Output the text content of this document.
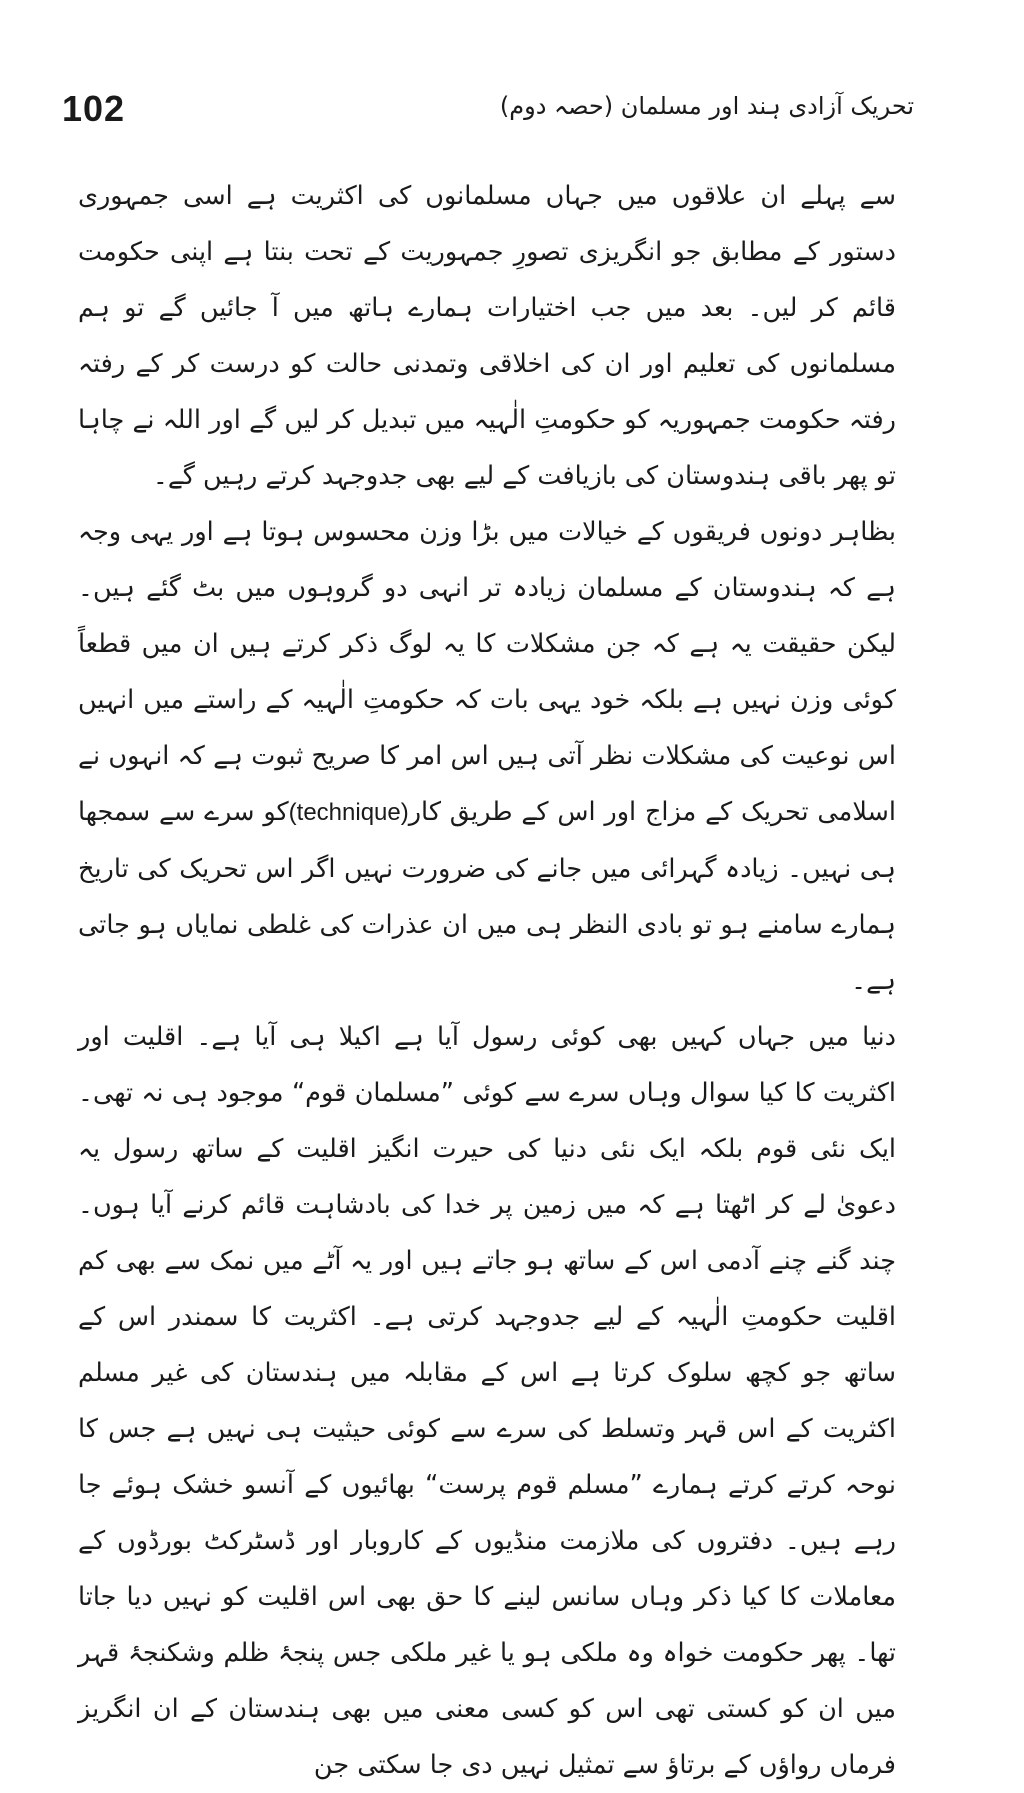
102	تحریک آزادی ہند اور مسلمان (حصہ دوم)

سے پہلے ان علاقوں میں جہاں مسلمانوں کی اکثریت ہے اسی جمہوری دستور کے مطابق جو انگریزی تصورِ جمہوریت کے تحت بنتا ہے اپنی حکومت قائم کر لیں۔ بعد میں جب اختیارات ہمارے ہاتھ میں آ جائیں گے تو ہم مسلمانوں کی تعلیم اور ان کی اخلاقی وتمدنی حالت کو درست کر کے رفتہ رفتہ حکومت جمہوریہ کو حکومتِ الٰہیہ میں تبدیل کر لیں گے اور اللہ نے چاہا تو پھر باقی ہندوستان کی بازیافت کے لیے بھی جدوجہد کرتے رہیں گے۔

بظاہر دونوں فریقوں کے خیالات میں بڑا وزن محسوس ہوتا ہے اور یہی وجہ ہے کہ ہندوستان کے مسلمان زیادہ تر انہی دو گروہوں میں بٹ گئے ہیں۔ لیکن حقیقت یہ ہے کہ جن مشکلات کا یہ لوگ ذکر کرتے ہیں ان میں قطعاً کوئی وزن نہیں ہے بلکہ خود یہی بات کہ حکومتِ الٰہیہ کے راستے میں انہیں اس نوعیت کی مشکلات نظر آتی ہیں اس امر کا صریح ثبوت ہے کہ انہوں نے اسلامی تحریک کے مزاج اور اس کے طریق کار(technique)کو سرے سے سمجھا ہی نہیں۔ زیادہ گہرائی میں جانے کی ضرورت نہیں اگر اس تحریک کی تاریخ ہمارے سامنے ہو تو بادی النظر ہی میں ان عذرات کی غلطی نمایاں ہو جاتی ہے۔

دنیا میں جہاں کہیں بھی کوئی رسول آیا ہے اکیلا ہی آیا ہے۔ اقلیت اور اکثریت کا کیا سوال وہاں سرے سے کوئی ”مسلمان قوم“ موجود ہی نہ تھی۔ ایک نئی قوم بلکہ ایک نئی دنیا کی حیرت انگیز اقلیت کے ساتھ رسول یہ دعویٰ لے کر اٹھتا ہے کہ میں زمین پر خدا کی بادشاہت قائم کرنے آیا ہوں۔ چند گنے چنے آدمی اس کے ساتھ ہو جاتے ہیں اور یہ آٹے میں نمک سے بھی کم اقلیت حکومتِ الٰہیہ کے لیے جدوجہد کرتی ہے۔ اکثریت کا سمندر اس کے ساتھ جو کچھ سلوک کرتا ہے اس کے مقابلہ میں ہندستان کی غیر مسلم اکثریت کے اس قہر وتسلط کی سرے سے کوئی حیثیت ہی نہیں ہے جس کا نوحہ کرتے کرتے ہمارے ”مسلم قوم پرست“ بھائیوں کے آنسو خشک ہوئے جا رہے ہیں۔ دفتروں کی ملازمت منڈیوں کے کاروبار اور ڈسٹرکٹ بورڈوں کے معاملات کا کیا ذکر وہاں سانس لینے کا حق بھی اس اقلیت کو نہیں دیا جاتا تھا۔ پھر حکومت خواہ وہ ملکی ہو یا غیر ملکی جس پنجۂ ظلم وشکنجۂ قہر میں ان کو کستی تھی اس کو کسی معنی میں بھی ہندستان کے ان انگریز فرماں رواؤں کے برتاؤ سے تمثیل نہیں دی جا سکتی جن
